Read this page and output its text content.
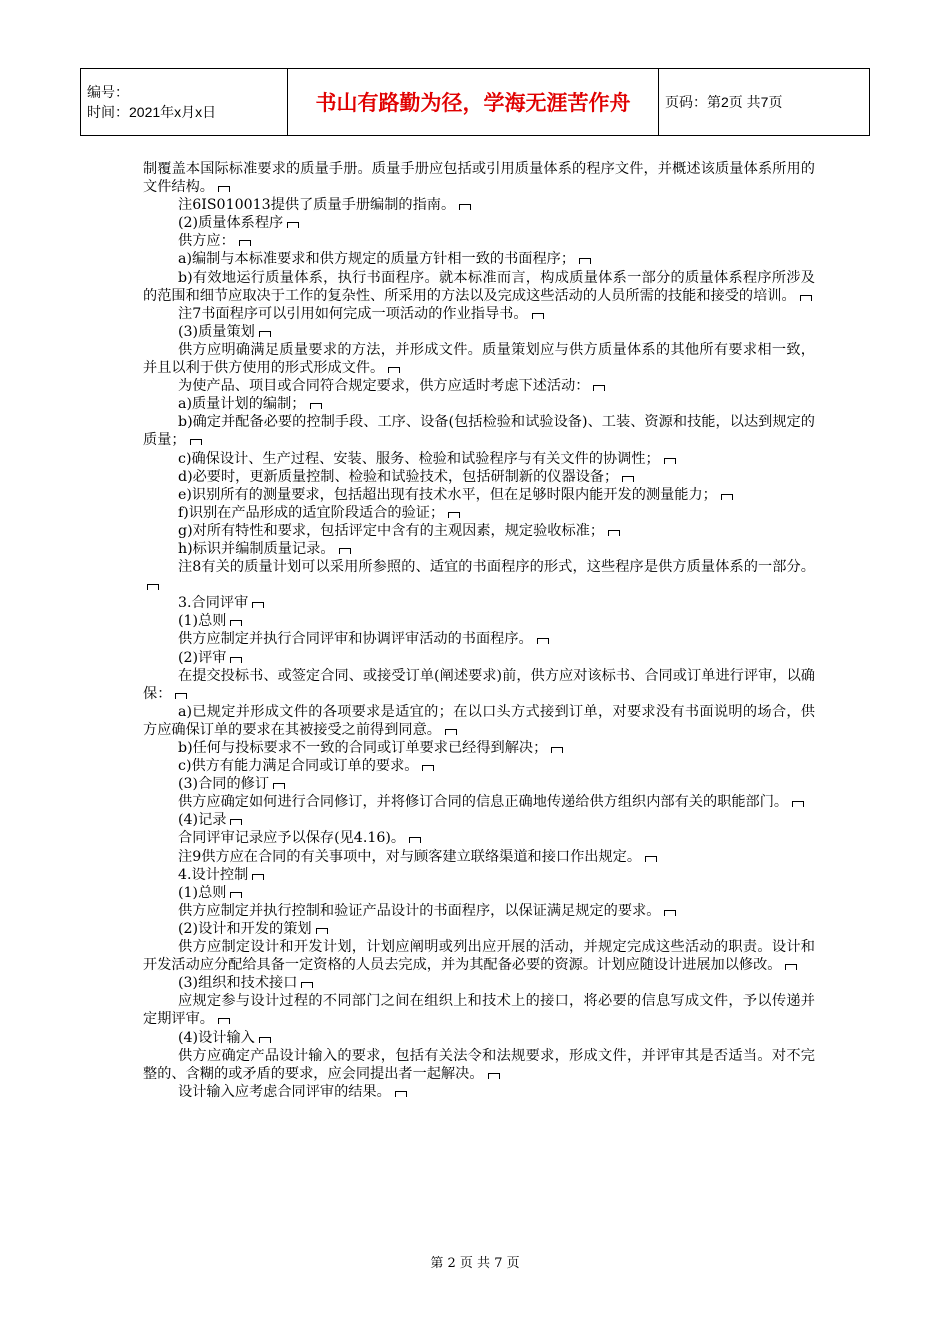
编号：
时间：2021年x月x日	书山有路勤为径，学海无涯苦作舟	页码：第2页 共7页

制覆盖本国际标准要求的质量手册。质量手册应包括或引用质量体系的程序文件，并概述该质量体系所用的文件结构。

注6IS010013提供了质量手册编制的指南。

(2)质量体系程序

供方应：

a)编制与本标准要求和供方规定的质量方针相一致的书面程序；

b)有效地运行质量体系，执行书面程序。就本标准而言，构成质量体系一部分的质量体系程序所涉及的范围和细节应取决于工作的复杂性、所采用的方法以及完成这些活动的人员所需的技能和接受的培训。

注7书面程序可以引用如何完成一项活动的作业指导书。

(3)质量策划

供方应明确满足质量要求的方法，并形成文件。质量策划应与供方质量体系的其他所有要求相一致，并且以利于供方使用的形式形成文件。

为使产品、项目或合同符合规定要求，供方应适时考虑下述活动：

a)质量计划的编制；

b)确定并配备必要的控制手段、工序、设备(包括检验和试验设备)、工装、资源和技能，以达到规定的质量；

c)确保设计、生产过程、安装、服务、检验和试验程序与有关文件的协调性；

d)必要时，更新质量控制、检验和试验技术，包括研制新的仪器设备；

e)识别所有的测量要求，包括超出现有技术水平，但在足够时限内能开发的测量能力；

f)识别在产品形成的适宜阶段适合的验证；

g)对所有特性和要求，包括评定中含有的主观因素，规定验收标准；

h)标识并编制质量记录。

注8有关的质量计划可以采用所参照的、适宜的书面程序的形式，这些程序是供方质量体系的一部分。

3.合同评审

(1)总则

供方应制定并执行合同评审和协调评审活动的书面程序。

(2)评审

在提交投标书、或签定合同、或接受订单(阐述要求)前，供方应对该标书、合同或订单进行评审，以确保：

a)已规定并形成文件的各项要求是适宜的；在以口头方式接到订单，对要求没有书面说明的场合，供方应确保订单的要求在其被接受之前得到同意。

b)任何与投标要求不一致的合同或订单要求已经得到解决；

c)供方有能力满足合同或订单的要求。

(3)合同的修订

供方应确定如何进行合同修订，并将修订合同的信息正确地传递给供方组织内部有关的职能部门。

(4)记录

合同评审记录应予以保存(见4.16)。

注9供方应在合同的有关事项中，对与顾客建立联络渠道和接口作出规定。

4.设计控制

(1)总则

供方应制定并执行控制和验证产品设计的书面程序，以保证满足规定的要求。

(2)设计和开发的策划

供方应制定设计和开发计划，计划应阐明或列出应开展的活动，并规定完成这些活动的职责。设计和开发活动应分配给具备一定资格的人员去完成，并为其配备必要的资源。计划应随设计进展加以修改。

(3)组织和技术接口

应规定参与设计过程的不同部门之间在组织上和技术上的接口，将必要的信息写成文件，予以传递并定期评审。

(4)设计输入

供方应确定产品设计输入的要求，包括有关法令和法规要求，形成文件，并评审其是否适当。对不完整的、含糊的或矛盾的要求，应会同提出者一起解决。

设计输入应考虑合同评审的结果。

第 2 页 共 7 页
